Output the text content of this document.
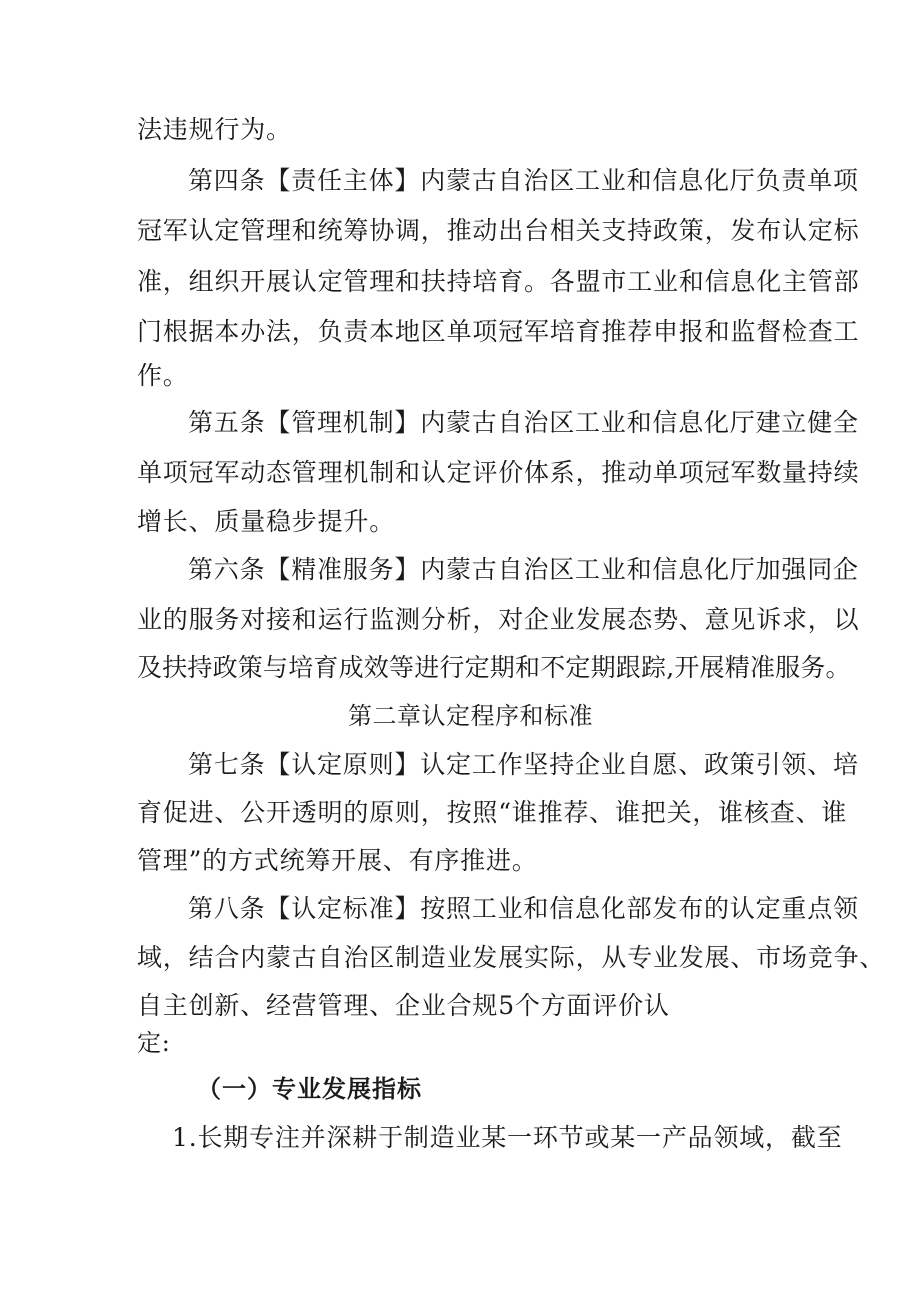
法违规行为。
第四条【责任主体】内蒙古自治区工业和信息化厅负责单项
冠军认定管理和统筹协调，推动出台相关支持政策，发布认定标
准，组织开展认定管理和扶持培育。各盟市工业和信息化主管部
门根据本办法，负责本地区单项冠军培育推荐申报和监督检查工
作。
第五条【管理机制】内蒙古自治区工业和信息化厅建立健全
单项冠军动态管理机制和认定评价体系，推动单项冠军数量持续
增长、质量稳步提升。
第六条【精准服务】内蒙古自治区工业和信息化厅加强同企
业的服务对接和运行监测分析，对企业发展态势、意见诉求，以
及扶持政策与培育成效等进行定期和不定期跟踪,开展精准服务。
第二章认定程序和标准
第七条【认定原则】认定工作坚持企业自愿、政策引领、培
育促进、公开透明的原则，按照“谁推荐、谁把关，谁核查、谁
管理”的方式统筹开展、有序推进。
第八条【认定标准】按照工业和信息化部发布的认定重点领
域，结合内蒙古自治区制造业发展实际，从专业发展、市场竞争、
自主创新、经营管理、企业合规5个方面评价认
定:
（一）专业发展指标
1.长期专注并深耕于制造业某一环节或某一产品领域，截至
